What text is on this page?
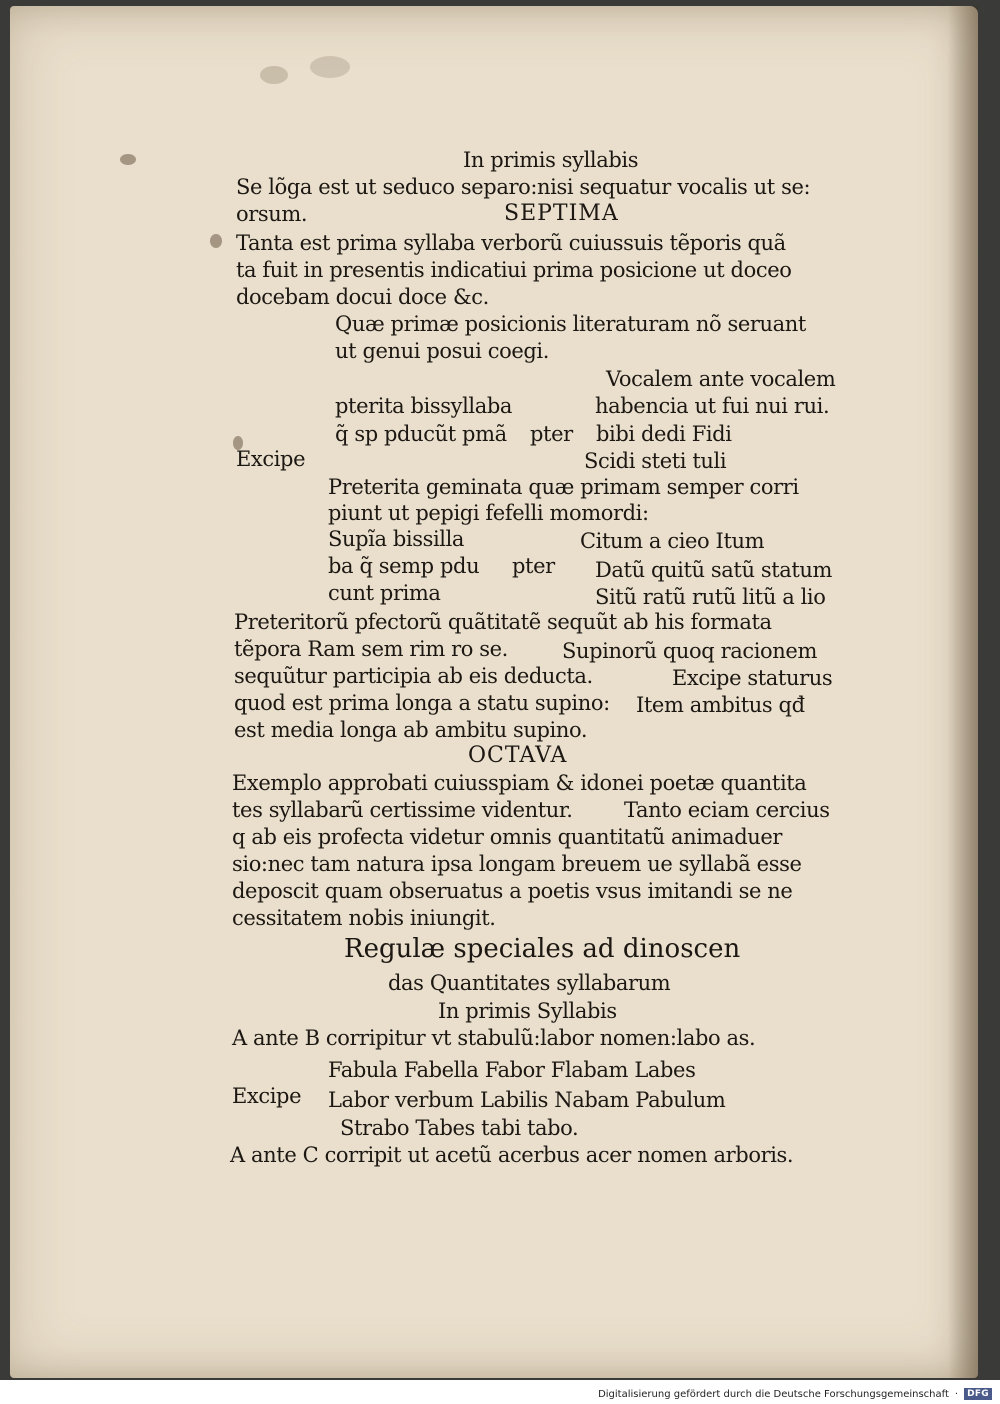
In primis syllabis
Se lõga est ut seduco separo:nisi sequatur vocalis ut se:
orsum.	SEPTIMA
Tanta est prima syllaba verborũ cuiussuis tẽporis quã
ta fuit in presentis indicatiui prima posicione ut doceo
docebam docui doce &c.
Quæ primæ posicionis literaturam nõ seruant
ut genui posui coegi.
Vocalem ante vocalem
pterita bissyllaba	habencia ut fui nui rui.
q̃ sp pducũt pmã pter bibi dedi Fidi
Excipe	Scidi steti tuli
Preterita geminata quæ primam semper corri
piunt ut pepigi fefelli momordi:
Supĩa bissilla	Citum a cieo Itum
ba q̃ semp pdu pter Datũ quitũ satũ statum
cunt prima	Sitũ ratũ rutũ litũ a lio
Preteritorũ pfectorũ quãtitatẽ sequũt ab his formata
tẽpora Ram sem rim ro se.	Supinorũ quoq racionem
sequũtur participia ab eis deducta.	Excipe staturus
quod est prima longa a statu supino: Item ambitus qđ
est media longa ab ambitu supino.
OCTAVA
Exemplo approbati cuiusspiam & idonei poetæ quantita
tes syllabarũ certissime videntur. Tanto eciam cercius
q ab eis profecta videtur omnis quantitatũ animaduer
sio:nec tam natura ipsa longam breuem ue syllabã esse
deposcit quam obseruatus a poetis vsus imitandi se ne
cessitatem nobis iniungit.
Regulæ speciales ad dinoscen
das Quantitates syllabarum
In primis Syllabis
A ante B corripitur vt stabulũ:labor nomen:labo as.
Fabula Fabella Fabor Flabam Labes
Excipe Labor verbum Labilis Nabam Pabulum
Strabo Tabes tabi tabo.
A ante C corripit ut acetũ acerbus acer nomen arboris.
Digitalisierung gefördert durch die Deutsche Forschungsgemeinschaft ·	DFG
